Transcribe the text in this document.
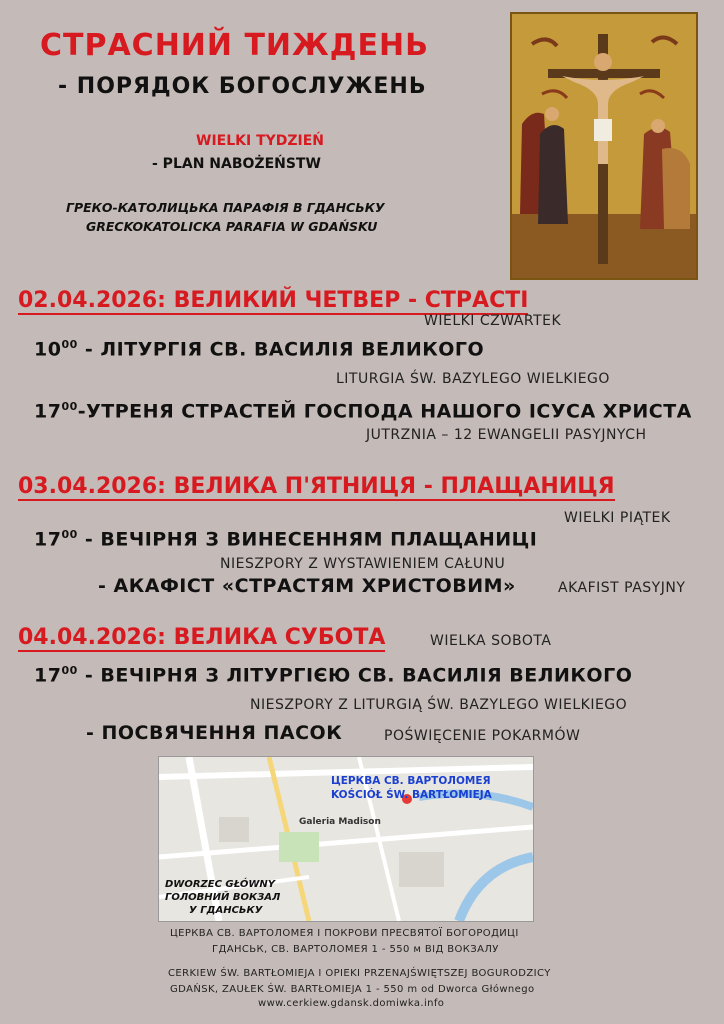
СТРАСНИЙ ТИЖДЕНЬ
- ПОРЯДОК БОГОСЛУЖЕНЬ
WIELKI TYDZIEŃ
- PLAN NABOŻEŃSTW
ГРЕКО-КАТОЛИЦЬКА ПАРАФІЯ В ГДАНСЬКУ
GRECKOKATOLICKA PARAFIA W GDAŃSKU
02.04.2026: ВЕЛИКИЙ ЧЕТВЕР - СТРАСТІ
WIELKI CZWARTEK
$10^{00}$ - ЛІТУРГІЯ СВ. ВАСИЛІЯ ВЕЛИКОГО
LITURGIA ŚW. BAZYLEGO WIELKIEGO
$17^{00}$-УТРЕНЯ СТРАСТЕЙ ГОСПОДА НАШОГО ІСУСА ХРИСТА
JUTRZNIA – 12 EWANGELII PASYJNYCH
03.04.2026: ВЕЛИКА П'ЯТНИЦЯ - ПЛАЩАНИЦЯ
WIELKI PIĄTEK
$17^{00}$ - ВЕЧІРНЯ З ВИНЕСЕННЯМ ПЛАЩАНИЦІ
NIESZPORY Z WYSTAWIENIEM CAŁUNU
- АКАФІСТ «СТРАСТЯМ ХРИСТОВИМ»	AKAFIST PASYJNY
04.04.2026: ВЕЛИКА СУБОТА	WIELKA SOBOTA
$17^{00}$ - ВЕЧІРНЯ З ЛІТУРГІЄЮ СВ. ВАСИЛІЯ ВЕЛИКОГО
NIESZPORY Z LITURGIĄ ŚW. BAZYLEGO WIELKIEGO
- ПОСВЯЧЕННЯ ПАСОК	POŚWIĘCENIE POKARMÓW
ЦЕРКВА СВ. ВАРТОЛОМЕЯ
KOŚCIÓŁ ŚW. BARTŁOMIEJA
Galeria Madison
DWORZEC GŁÓWNY
ГОЛОВНИЙ ВОКЗАЛ
У ГДАНСЬКУ
ЦЕРКВА СВ. ВАРТОЛОМЕЯ І ПОКРОВИ ПРЕСВЯТОЇ БОГОРОДИЦІ
ГДАНСЬК, СВ. ВАРТОЛОМЕЯ 1 - 550 м ВІД ВОКЗАЛУ
CERKIEW ŚW. BARTŁOMIEJA I OPIEKI PRZENAJŚWIĘTSZEJ BOGURODZICY
GDAŃSK, ZAUŁEK ŚW. BARTŁOMIEJA 1 - 550 m od Dworca Głównego
www.cerkiew.gdansk.domiwka.info
